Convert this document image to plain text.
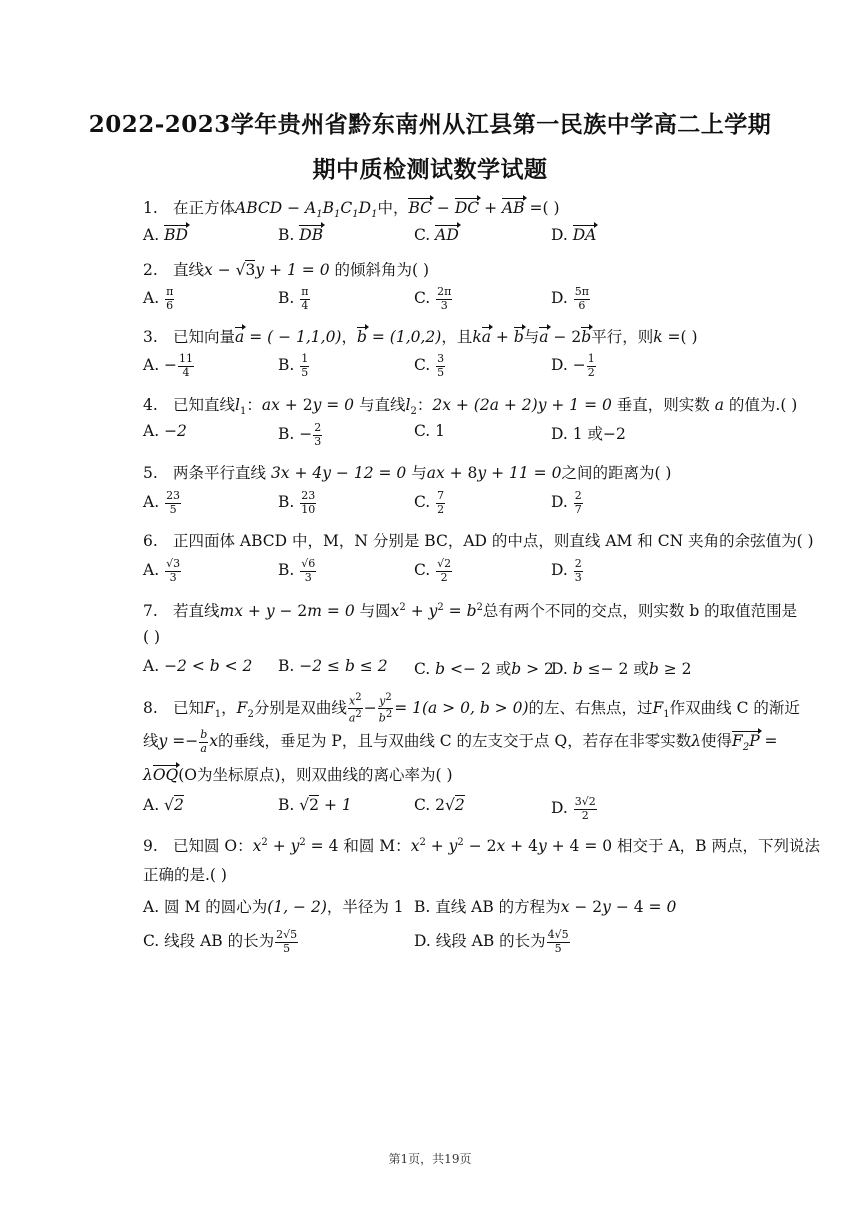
2022-2023学年贵州省黔东南州从江县第一民族中学高二上学期
期中质检测试数学试题
1. 在正方体ABCD − $A_1B_1C_1D_1$中，BC − DC + AB =( )
A. BD	B. DB	C. AD	D. DA
2. 直线x − √3y + 1 = 0 的倾斜角为( )
A. $\frac{\pi}{6}$	B. $\frac{\pi}{4}$	C. $\frac{2\pi}{3}$	D. $\frac{5\pi}{6}$
3. 已知向量a = ( − 1,1,0)，b = (1,0,2)，且ka + b与a − 2b平行，则k =( )
A. − $\frac{11}{4}$	B. $\frac{1}{5}$	C. $\frac{3}{5}$	D. − $\frac{1}{2}$
4. 已知直线$l_1$：ax + 2y = 0 与直线$l_2$：2x + (2a + 2)y + 1 = 0 垂直，则实数 a 的值为.( )
A. −2	B. − $\frac{2}{3}$	C. 1	D. 1 或−2
5. 两条平行直线 3x + 4y − 12 = 0 与ax + 8y + 11 = 0之间的距离为( )
A. $\frac{23}{5}$	B. $\frac{23}{10}$	C. $\frac{7}{2}$	D. $\frac{2}{7}$
6. 正四面体 ABCD 中，M，N 分别是 BC，AD 的中点，则直线 AM 和 CN 夹角的余弦值为( )
A. $\frac{√3}{3}$	B. $\frac{√6}{3}$	C. $\frac{√2}{2}$	D. $\frac{2}{3}$
7. 若直线mx + y − 2m = 0 与圆$x^2 + y^2 = b^2$总有两个不同的交点，则实数 b 的取值范围是
( )
A. −2 < b < 2 B. −2 ≤ b ≤ 2 C. b <− 2 或b > 2
D. b ≤− 2 或b ≥ 2
8. 已知$F_1$，$F_2$分别是双曲线 $\frac{x^2}{a^2} - \frac{y^2}{b^2} = 1(a > 0$, b > 0)的左、右焦点，过$F_1$作双曲线 C 的渐近
线$y =- \frac{b}{a}$ x的垂线，垂足为 P，且与双曲线 C 的左支交于点 Q，若存在非零实数λ使得$F_2P$ =
λOQ(O为坐标原点)，则双曲线的离心率为( )
A. √2	B. √2 + 1	C. 2√2	D. $\frac{3√2}{2}$
9. 已知圆 O：$x^2 + y^2 = 4$ 和圆 M：$x^2 + y^2 - 2x + 4y + 4 = 0$ 相交于 A，B 两点，下列说法
正确的是.( )
A. 圆 M 的圆心为(1, − 2)，半径为 1 B. 直线 AB 的方程为x − 2y − 4 = 0
C. 线段 AB 的长为 $\frac{2√5}{5}$	D. 线段 AB 的长为 $\frac{4√5}{5}$
第1页，共19页
